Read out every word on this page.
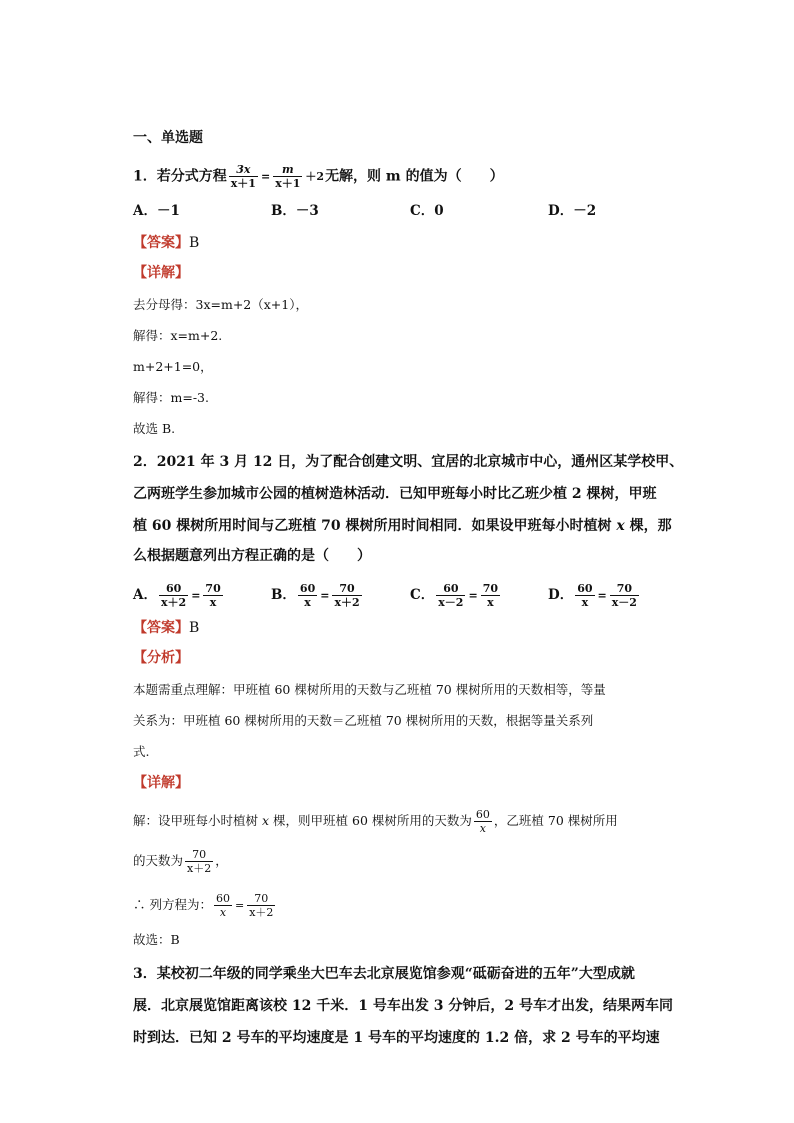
一、单选题
1．若分式方程 $\frac{3x}{x+1} = \frac{m}{x+1} +2$无解，则 m 的值为（　　）
A．－1	B．－3	C．0	D．－2
【答案】B
【详解】
去分母得：3x=m+2（x+1），
解得：x=m+2.
m+2+1=0，
解得：m=-3.
故选 B.
2．2021 年 3 月 12 日，为了配合创建文明、宜居的北京城市中心，通州区某学校甲、
乙两班学生参加城市公园的植树造林活动．已知甲班每小时比乙班少植 2 棵树，甲班
植 60 棵树所用时间与乙班植 70 棵树所用时间相同．如果设甲班每小时植树 x 棵，那
么根据题意列出方程正确的是（　　）
A． $\frac{60}{x+2} = \frac{70}{x}$	B． $\frac{60}{x} = \frac{70}{x+2}$	C． $\frac{60}{x-2} = \frac{70}{x}$	D． $\frac{60}{x} = \frac{70}{x-2}$
【答案】B
【分析】
本题需重点理解：甲班植 60 棵树所用的天数与乙班植 70 棵树所用的天数相等，等量
关系为：甲班植 60 棵树所用的天数＝乙班植 70 棵树所用的天数，根据等量关系列
式.
【详解】
解：设甲班每小时植树 x 棵，则甲班植 60 棵树所用的天数为 $\frac{60}{x}$ ，乙班植 70 棵树所用
的天数为 $\frac{70}{x+2}$ ，
∴ 列方程为： $\frac{60}{x} = \frac{70}{x+2}$
故选：B
3．某校初二年级的同学乘坐大巴车去北京展览馆参观“砥砺奋进的五年”大型成就
展．北京展览馆距离该校 12 千米．1 号车出发 3 分钟后，2 号车才出发，结果两车同
时到达．已知 2 号车的平均速度是 1 号车的平均速度的 1.2 倍，求 2 号车的平均速
